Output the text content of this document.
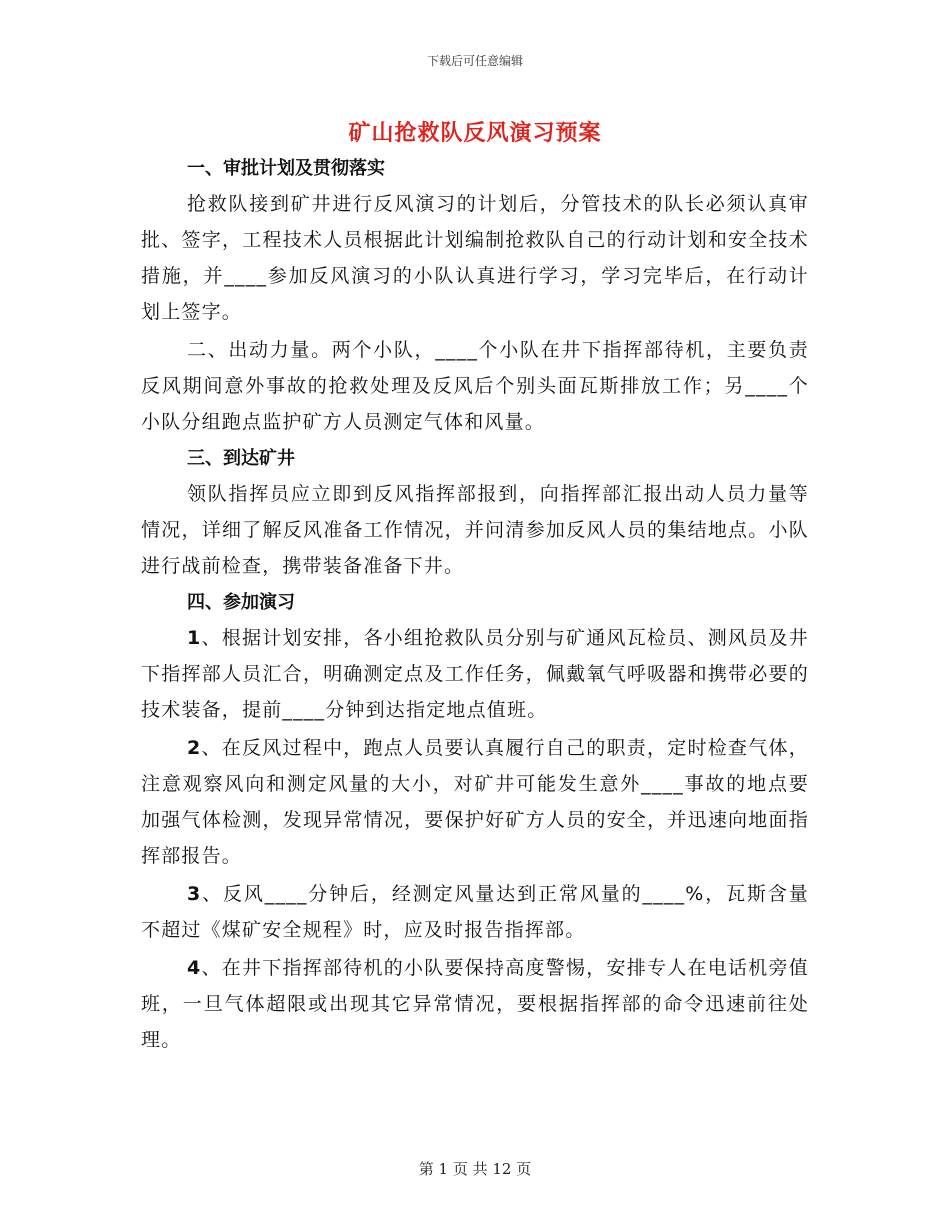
下载后可任意编辑
矿山抢救队反风演习预案

一、审批计划及贯彻落实

抢救队接到矿井进行反风演习的计划后，分管技术的队长必须认真审批、签字，工程技术人员根据此计划编制抢救队自己的行动计划和安全技术措施，并____参加反风演习的小队认真进行学习，学习完毕后，在行动计划上签字。

二、出动力量。两个小队，____个小队在井下指挥部待机，主要负责反风期间意外事故的抢救处理及反风后个别头面瓦斯排放工作；另____个小队分组跑点监护矿方人员测定气体和风量。

三、到达矿井

领队指挥员应立即到反风指挥部报到，向指挥部汇报出动人员力量等情况，详细了解反风准备工作情况，并问清参加反风人员的集结地点。小队进行战前检查，携带装备准备下井。

四、参加演习

1、根据计划安排，各小组抢救队员分别与矿通风瓦检员、测风员及井下指挥部人员汇合，明确测定点及工作任务，佩戴氧气呼吸器和携带必要的技术装备，提前____分钟到达指定地点值班。

2、在反风过程中，跑点人员要认真履行自己的职责，定时检查气体，注意观察风向和测定风量的大小，对矿井可能发生意外____事故的地点要加强气体检测，发现异常情况，要保护好矿方人员的安全，并迅速向地面指挥部报告。

3、反风____分钟后，经测定风量达到正常风量的____%，瓦斯含量不超过《煤矿安全规程》时，应及时报告指挥部。

4、在井下指挥部待机的小队要保持高度警惕，安排专人在电话机旁值班，一旦气体超限或出现其它异常情况，要根据指挥部的命令迅速前往处理。

第 1 页 共 12 页
